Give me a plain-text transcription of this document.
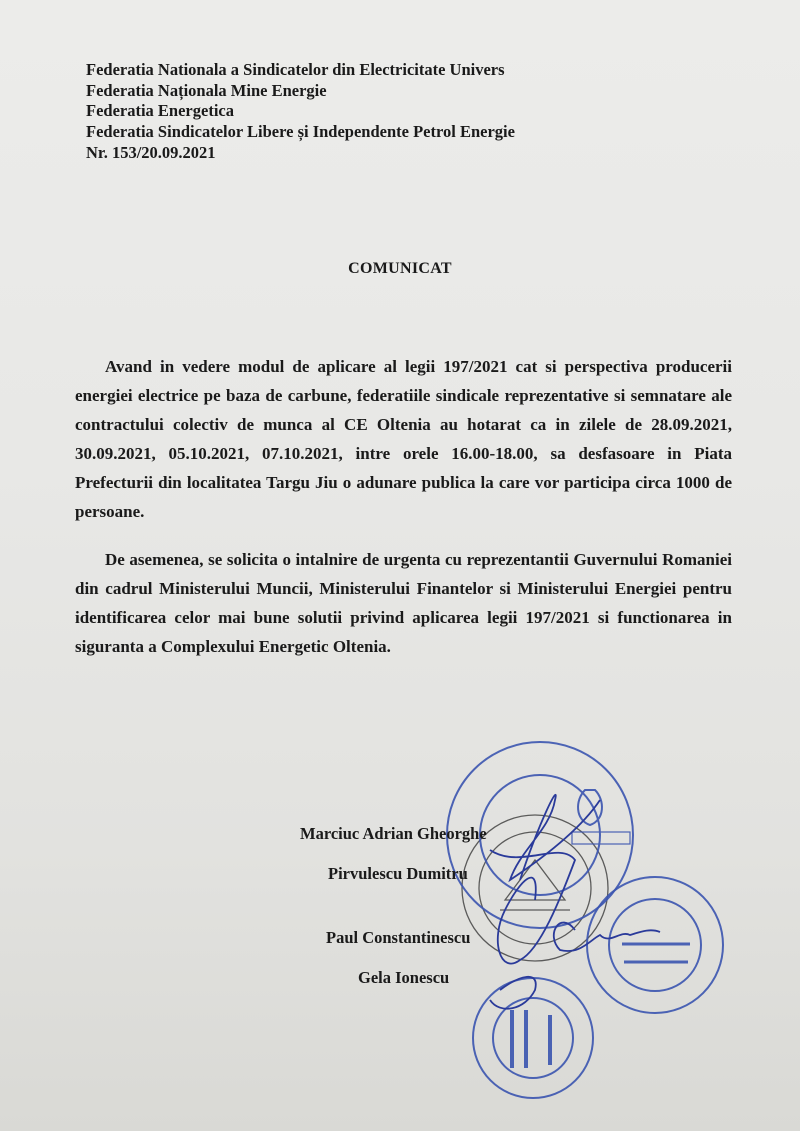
Federatia Nationala a Sindicatelor din Electricitate Univers
Federatia Naționala Mine Energie
Federatia Energetica
Federatia Sindicatelor Libere și Independente Petrol Energie
Nr. 153/20.09.2021
COMUNICAT

Avand in vedere modul de aplicare al legii 197/2021 cat si perspectiva producerii energiei electrice pe baza de carbune, federatiile sindicale reprezentative si semnatare ale contractului colectiv de munca al CE Oltenia au hotarat ca in zilele de 28.09.2021, 30.09.2021, 05.10.2021, 07.10.2021, intre orele 16.00-18.00, sa desfasoare in Piata Prefecturii din localitatea Targu Jiu o adunare publica la care vor participa circa 1000 de persoane.

De asemenea, se solicita o intalnire de urgenta cu reprezentantii Guvernului Romaniei din cadrul Ministerului Muncii, Ministerului Finantelor si Ministerului Energiei pentru identificarea celor mai bune solutii privind aplicarea legii 197/2021 si functionarea in siguranta a Complexului Energetic Oltenia.

Marciuc Adrian Gheorghe
Pirvulescu Dumitru
Paul Constantinescu
Gela Ionescu
